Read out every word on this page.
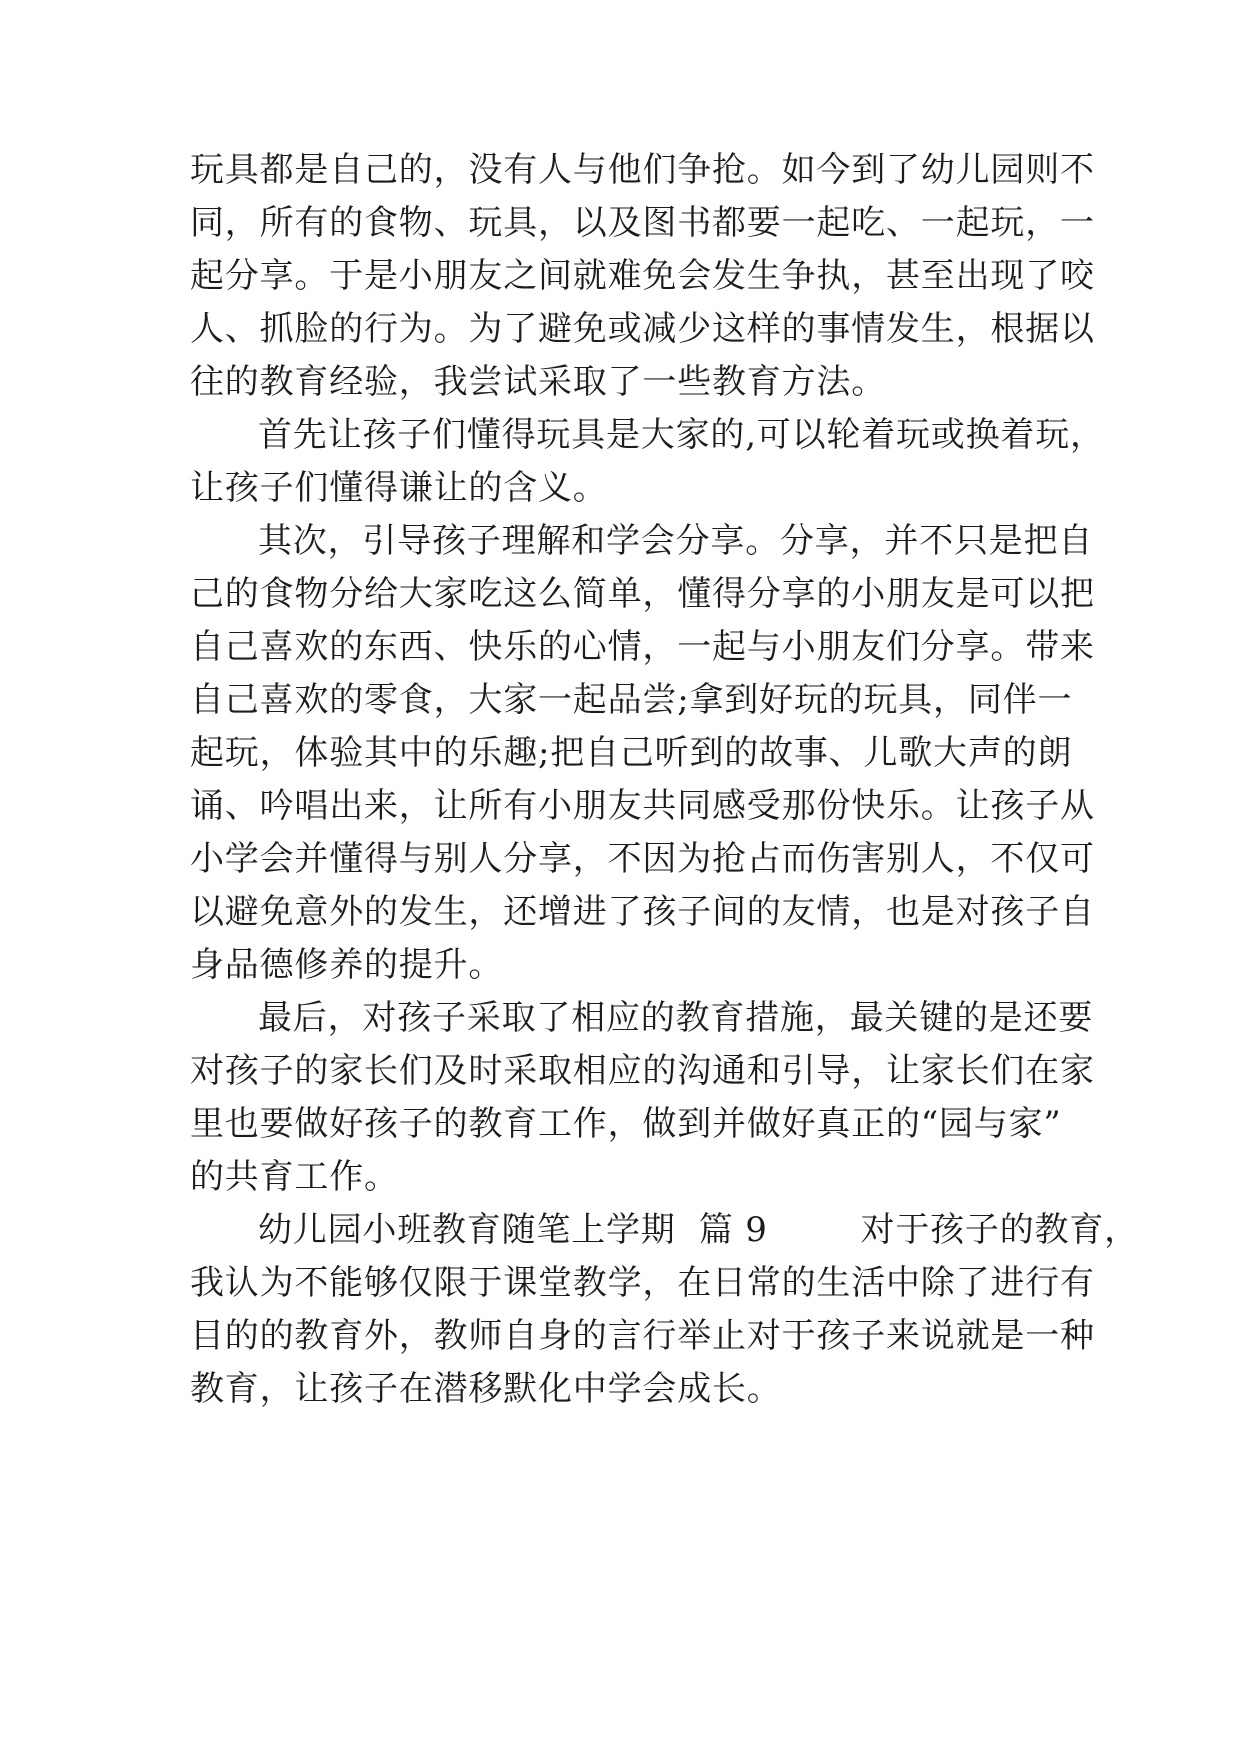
玩具都是自己的，没有人与他们争抢。如今到了幼儿园则不
同，所有的食物、玩具，以及图书都要一起吃、一起玩，一
起分享。于是小朋友之间就难免会发生争执，甚至出现了咬
人、抓脸的行为。为了避免或减少这样的事情发生，根据以
往的教育经验，我尝试采取了一些教育方法。
首先让孩子们懂得玩具是大家的,可以轮着玩或换着玩，
让孩子们懂得谦让的含义。
其次，引导孩子理解和学会分享。分享，并不只是把自
己的食物分给大家吃这么简单，懂得分享的小朋友是可以把
自己喜欢的东西、快乐的心情，一起与小朋友们分享。带来
自己喜欢的零食，大家一起品尝;拿到好玩的玩具，同伴一
起玩，体验其中的乐趣;把自己听到的故事、儿歌大声的朗
诵、吟唱出来，让所有小朋友共同感受那份快乐。让孩子从
小学会并懂得与别人分享，不因为抢占而伤害别人，不仅可
以避免意外的发生，还增进了孩子间的友情，也是对孩子自
身品德修养的提升。
最后，对孩子采取了相应的教育措施，最关键的是还要
对孩子的家长们及时采取相应的沟通和引导，让家长们在家
里也要做好孩子的教育工作，做到并做好真正的“园与家”
的共育工作。
幼儿园小班教育随笔上学期  篇 9        对于孩子的教育，
我认为不能够仅限于课堂教学，在日常的生活中除了进行有
目的的教育外，教师自身的言行举止对于孩子来说就是一种
教育，让孩子在潜移默化中学会成长。
